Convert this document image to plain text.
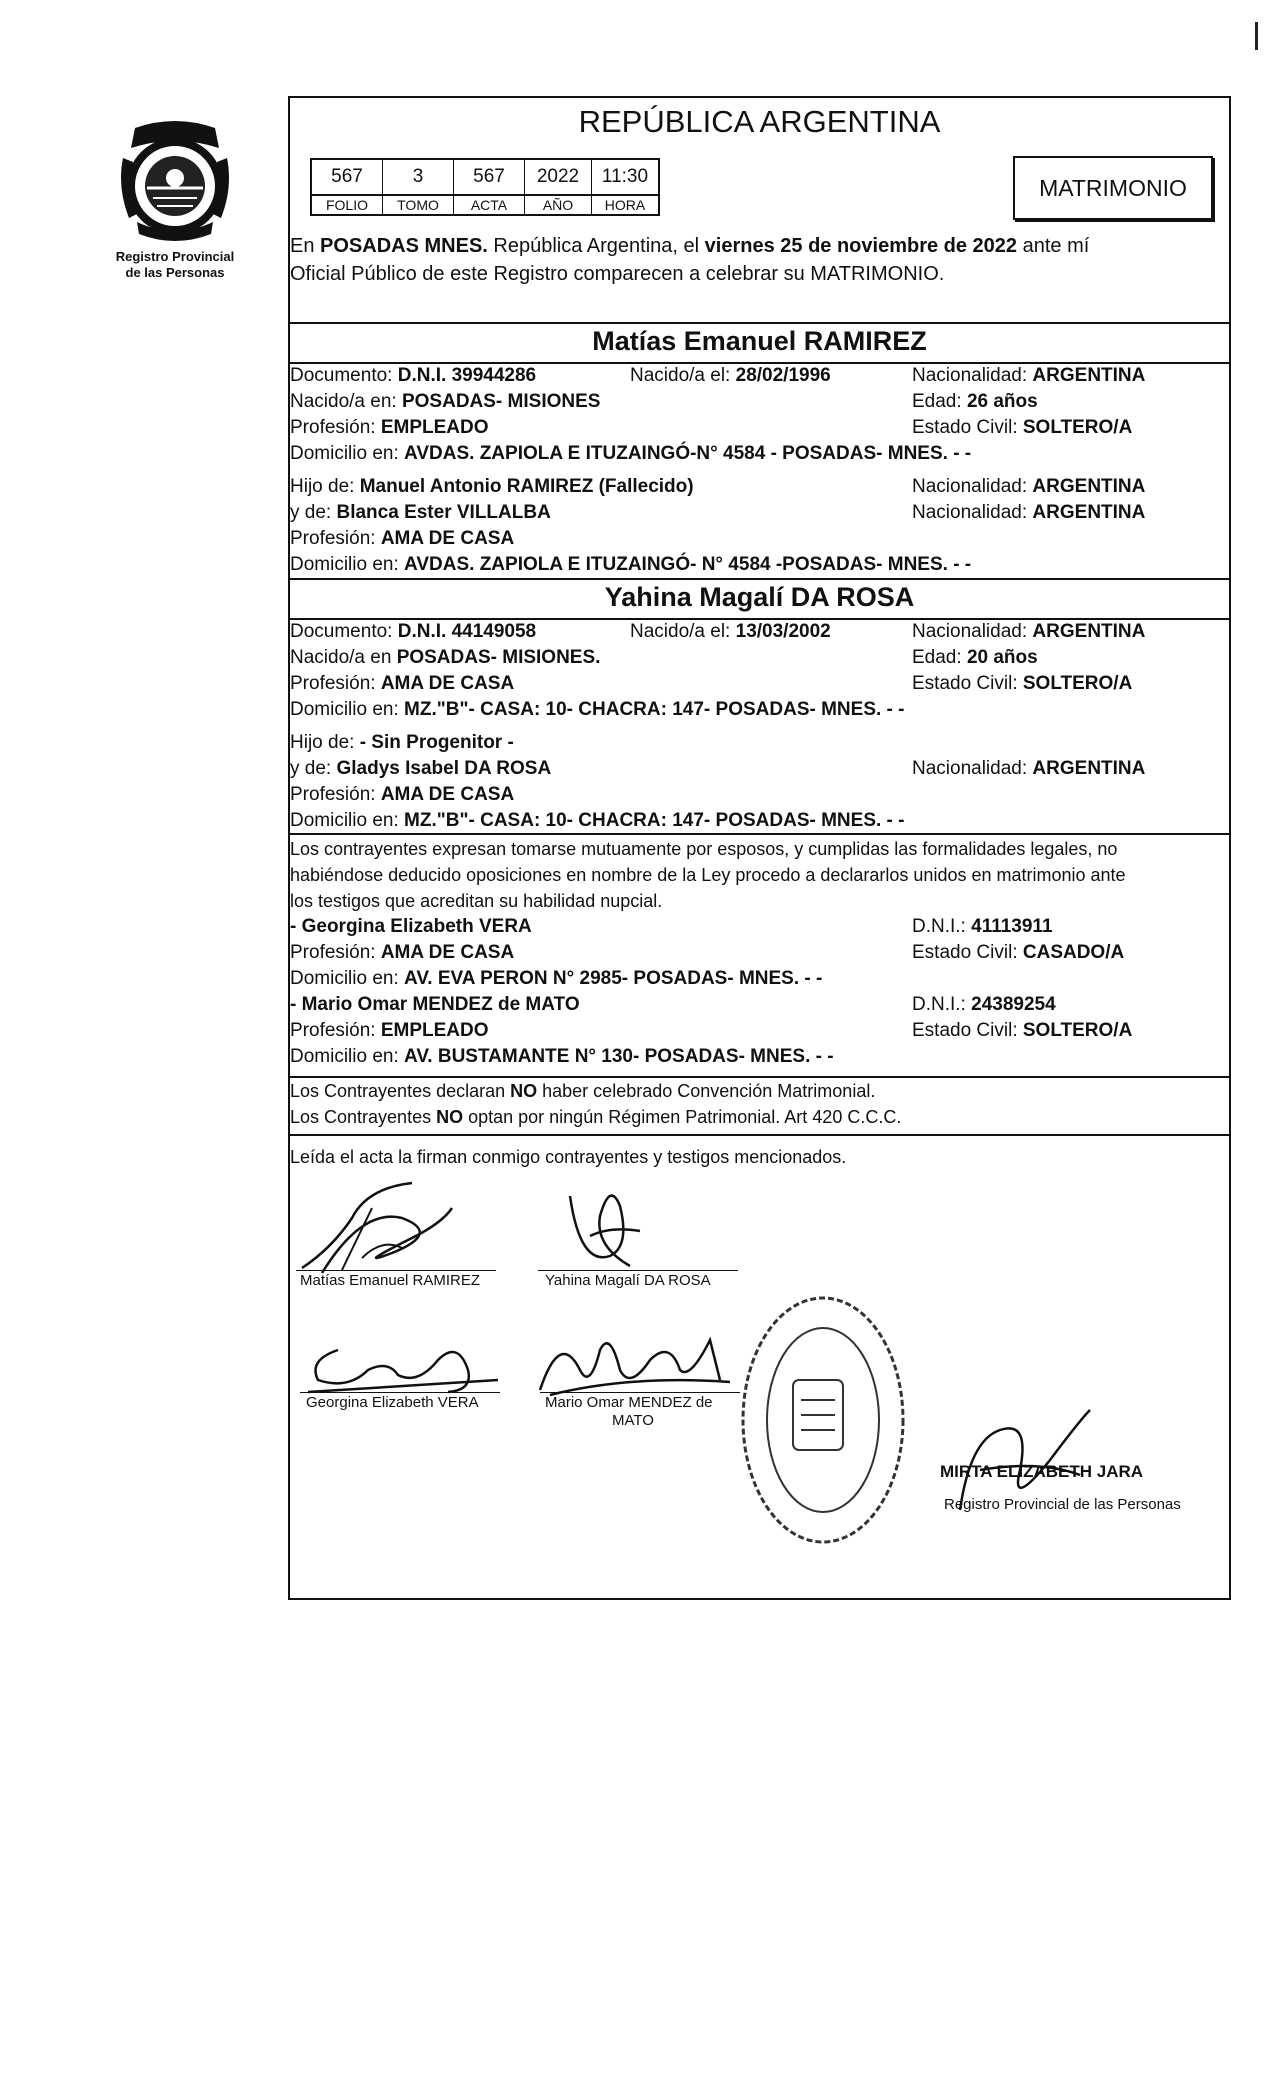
Registro Provincial
de las Personas
REPÚBLICA ARGENTINA
567	3	567	2022	11:30
FOLIO	TOMO	ACTA	AÑO	HORA
MATRIMONIO
En POSADAS MNES. República Argentina, el viernes 25 de noviembre de 2022 ante mí
Oficial Público de este Registro comparecen a celebrar su MATRIMONIO.
Matías Emanuel RAMIREZ
Documento: D.N.I. 39944286	Nacido/a el: 28/02/1996	Nacionalidad: ARGENTINA
Nacido/a en: POSADAS- MISIONES	Edad: 26 años
Profesión: EMPLEADO	Estado Civil: SOLTERO/A
Domicilio en: AVDAS. ZAPIOLA E ITUZAINGÓ-N° 4584 - POSADAS- MNES. - -
Hijo de: Manuel Antonio RAMIREZ (Fallecido)	Nacionalidad: ARGENTINA
y de: Blanca Ester VILLALBA	Nacionalidad: ARGENTINA
Profesión: AMA DE CASA
Domicilio en: AVDAS. ZAPIOLA E ITUZAINGÓ- N° 4584 -POSADAS- MNES. - -
Yahina Magalí DA ROSA
Documento: D.N.I. 44149058	Nacido/a el: 13/03/2002	Nacionalidad: ARGENTINA
Nacido/a en POSADAS- MISIONES.	Edad: 20 años
Profesión: AMA DE CASA	Estado Civil: SOLTERO/A
Domicilio en: MZ."B"- CASA: 10- CHACRA: 147- POSADAS- MNES. - -
Hijo de: - Sin Progenitor -
y de: Gladys Isabel DA ROSA	Nacionalidad: ARGENTINA
Profesión: AMA DE CASA
Domicilio en: MZ."B"- CASA: 10- CHACRA: 147- POSADAS- MNES. - -
Los contrayentes expresan tomarse mutuamente por esposos, y cumplidas las formalidades legales, no
habiéndose deducido oposiciones en nombre de la Ley procedo a declararlos unidos en matrimonio ante
los testigos que acreditan su habilidad nupcial.
- Georgina Elizabeth VERA	D.N.I.: 41113911
Profesión: AMA DE CASA	Estado Civil: CASADO/A
Domicilio en: AV. EVA PERON N° 2985- POSADAS- MNES. - -
- Mario Omar MENDEZ de MATO	D.N.I.: 24389254
Profesión: EMPLEADO	Estado Civil: SOLTERO/A
Domicilio en: AV. BUSTAMANTE N° 130- POSADAS- MNES. - -
Los Contrayentes declaran NO haber celebrado Convención Matrimonial.
Los Contrayentes NO optan por ningún Régimen Patrimonial. Art 420 C.C.C.
Leída el acta la firman conmigo contrayentes y testigos mencionados.
Matías Emanuel RAMIREZ	Yahina Magalí DA ROSA
Georgina Elizabeth VERA	Mario Omar MENDEZ de
MATO
MIRTA ELIZABETH JARA
Registro Provincial de las Personas
